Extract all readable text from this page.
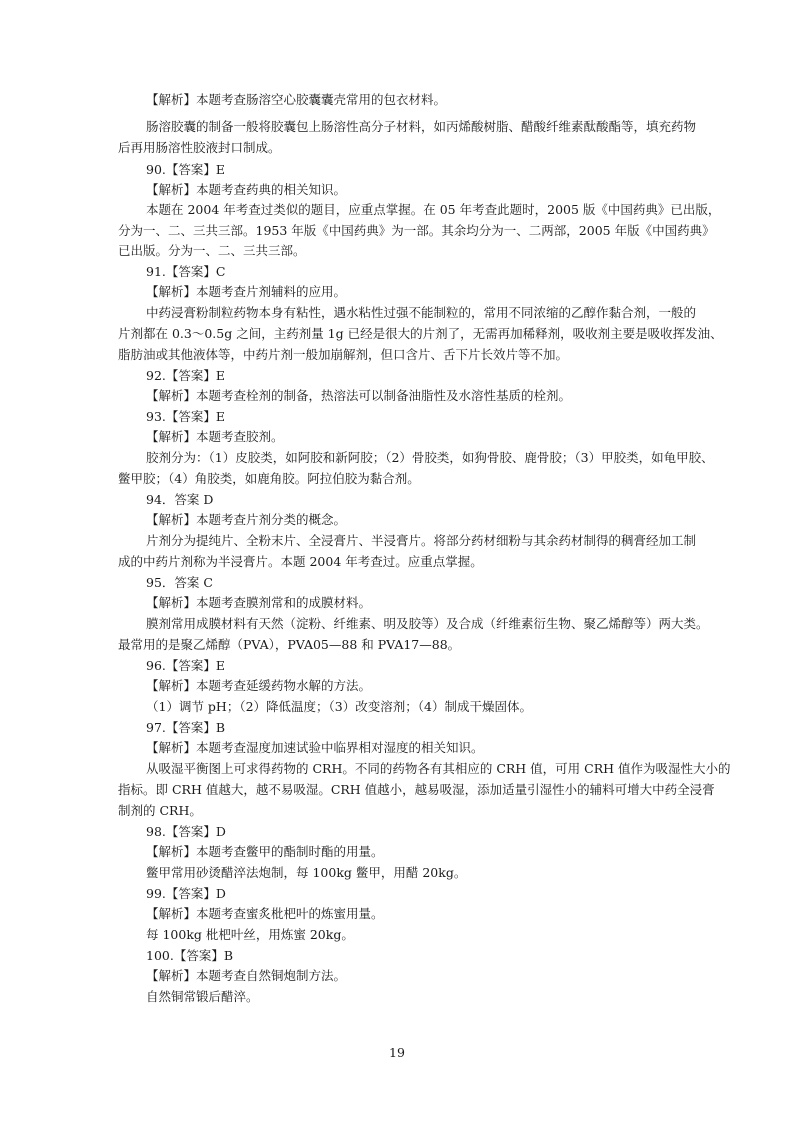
【解析】本题考查肠溶空心胶囊囊壳常用的包衣材料。
肠溶胶囊的制备一般将胶囊包上肠溶性高分子材料，如丙烯酸树脂、醋酸纤维素酞酸酯等，填充药物
后再用肠溶性胶液封口制成。
90.【答案】E
【解析】本题考查药典的相关知识。
本题在 2004 年考查过类似的题目，应重点掌握。在 05 年考查此题时，2005 版《中国药典》已出版，
分为一、二、三共三部。1953 年版《中国药典》为一部。其余均分为一、二两部，2005 年版《中国药典》
已出版。分为一、二、三共三部。
91.【答案】C
【解析】本题考查片剂辅料的应用。
中药浸膏粉制粒药物本身有粘性，遇水粘性过强不能制粒的，常用不同浓缩的乙醇作黏合剂，一般的
片剂都在 0.3～0.5g 之间，主药剂量 1g 已经是很大的片剂了，无需再加稀释剂，吸收剂主要是吸收挥发油、
脂肪油或其他液体等，中药片剂一般加崩解剂，但口含片、舌下片长效片等不加。
92.【答案】E
【解析】本题考查栓剂的制备，热溶法可以制备油脂性及水溶性基质的栓剂。
93.【答案】E
【解析】本题考查胶剂。
胶剂分为：（1）皮胶类，如阿胶和新阿胶；（2）骨胶类，如狗骨胶、鹿骨胶；（3）甲胶类，如龟甲胶、
鳖甲胶；（4）角胶类，如鹿角胶。阿拉伯胶为黏合剂。
94．答案 D
【解析】本题考查片剂分类的概念。
片剂分为提纯片、全粉末片、全浸膏片、半浸膏片。将部分药材细粉与其余药材制得的稠膏经加工制
成的中药片剂称为半浸膏片。本题 2004 年考查过。应重点掌握。
95．答案 C
【解析】本题考查膜剂常和的成膜材料。
膜剂常用成膜材料有天然（淀粉、纤维素、明及胶等）及合成（纤维素衍生物、聚乙烯醇等）两大类。
最常用的是聚乙烯醇（PVA），PVA05—88 和 PVA17—88。
96.【答案】E
【解析】本题考查延缓药物水解的方法。
（1）调节 pH；（2）降低温度；（3）改变溶剂；（4）制成干燥固体。
97.【答案】B
【解析】本题考查湿度加速试验中临界相对湿度的相关知识。
从吸湿平衡图上可求得药物的 CRH。不同的药物各有其相应的 CRH 值，可用 CRH 值作为吸湿性大小的
指标。即 CRH 值越大，越不易吸湿。CRH 值越小，越易吸湿，添加适量引湿性小的辅料可增大中药全浸膏
制剂的 CRH。
98.【答案】D
【解析】本题考查鳖甲的酯制时酯的用量。
鳖甲常用砂烫醋淬法炮制，每 100kg 鳖甲，用醋 20kg。
99.【答案】D
【解析】本题考查蜜炙枇杷叶的炼蜜用量。
每 100kg 枇杷叶丝，用炼蜜 20kg。
100.【答案】B
【解析】本题考查自然铜炮制方法。
自然铜常锻后醋淬。
19
